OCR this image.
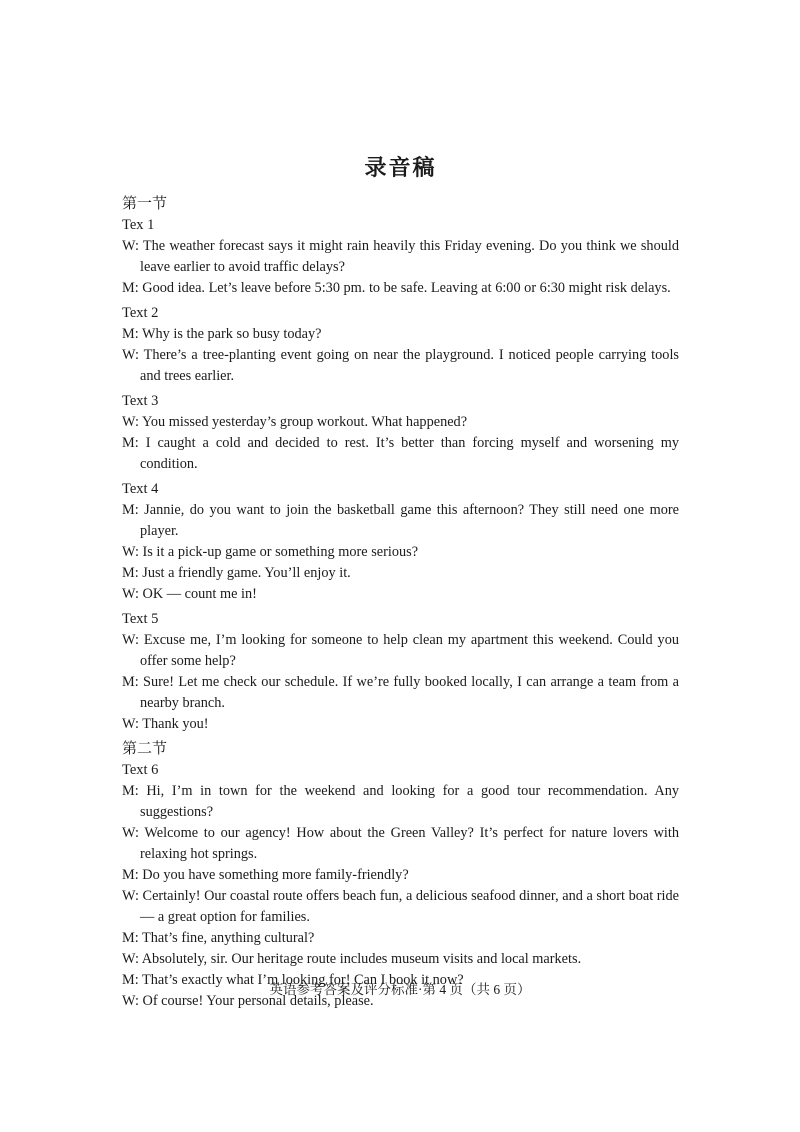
录音稿

第一节

Tex 1

W: The weather forecast says it might rain heavily this Friday evening. Do you think we should leave earlier to avoid traffic delays?

M: Good idea. Let’s leave before 5:30 pm. to be safe. Leaving at 6:00 or 6:30 might risk delays.

Text 2

M: Why is the park so busy today?

W: There’s a tree-planting event going on near the playground. I noticed people carrying tools and trees earlier.

Text 3

W: You missed yesterday’s group workout. What happened?

M: I caught a cold and decided to rest. It’s better than forcing myself and worsening my condition.

Text 4

M: Jannie, do you want to join the basketball game this afternoon? They still need one more player.

W: Is it a pick-up game or something more serious?

M: Just a friendly game. You’ll enjoy it.

W: OK — count me in!

Text 5

W: Excuse me, I’m looking for someone to help clean my apartment this weekend. Could you offer some help?

M: Sure! Let me check our schedule. If we’re fully booked locally, I can arrange a team from a nearby branch.

W: Thank you!

第二节

Text 6

M: Hi, I’m in town for the weekend and looking for a good tour recommendation. Any suggestions?

W: Welcome to our agency! How about the Green Valley? It’s perfect for nature lovers with relaxing hot springs.

M: Do you have something more family-friendly?

W: Certainly! Our coastal route offers beach fun, a delicious seafood dinner, and a short boat ride — a great option for families.

M: That’s fine, anything cultural?

W: Absolutely, sir. Our heritage route includes museum visits and local markets.

M: That’s exactly what I’m looking for! Can I book it now?

W: Of course! Your personal details, please.

英语参考答案及评分标准·第 4 页（共 6 页）
